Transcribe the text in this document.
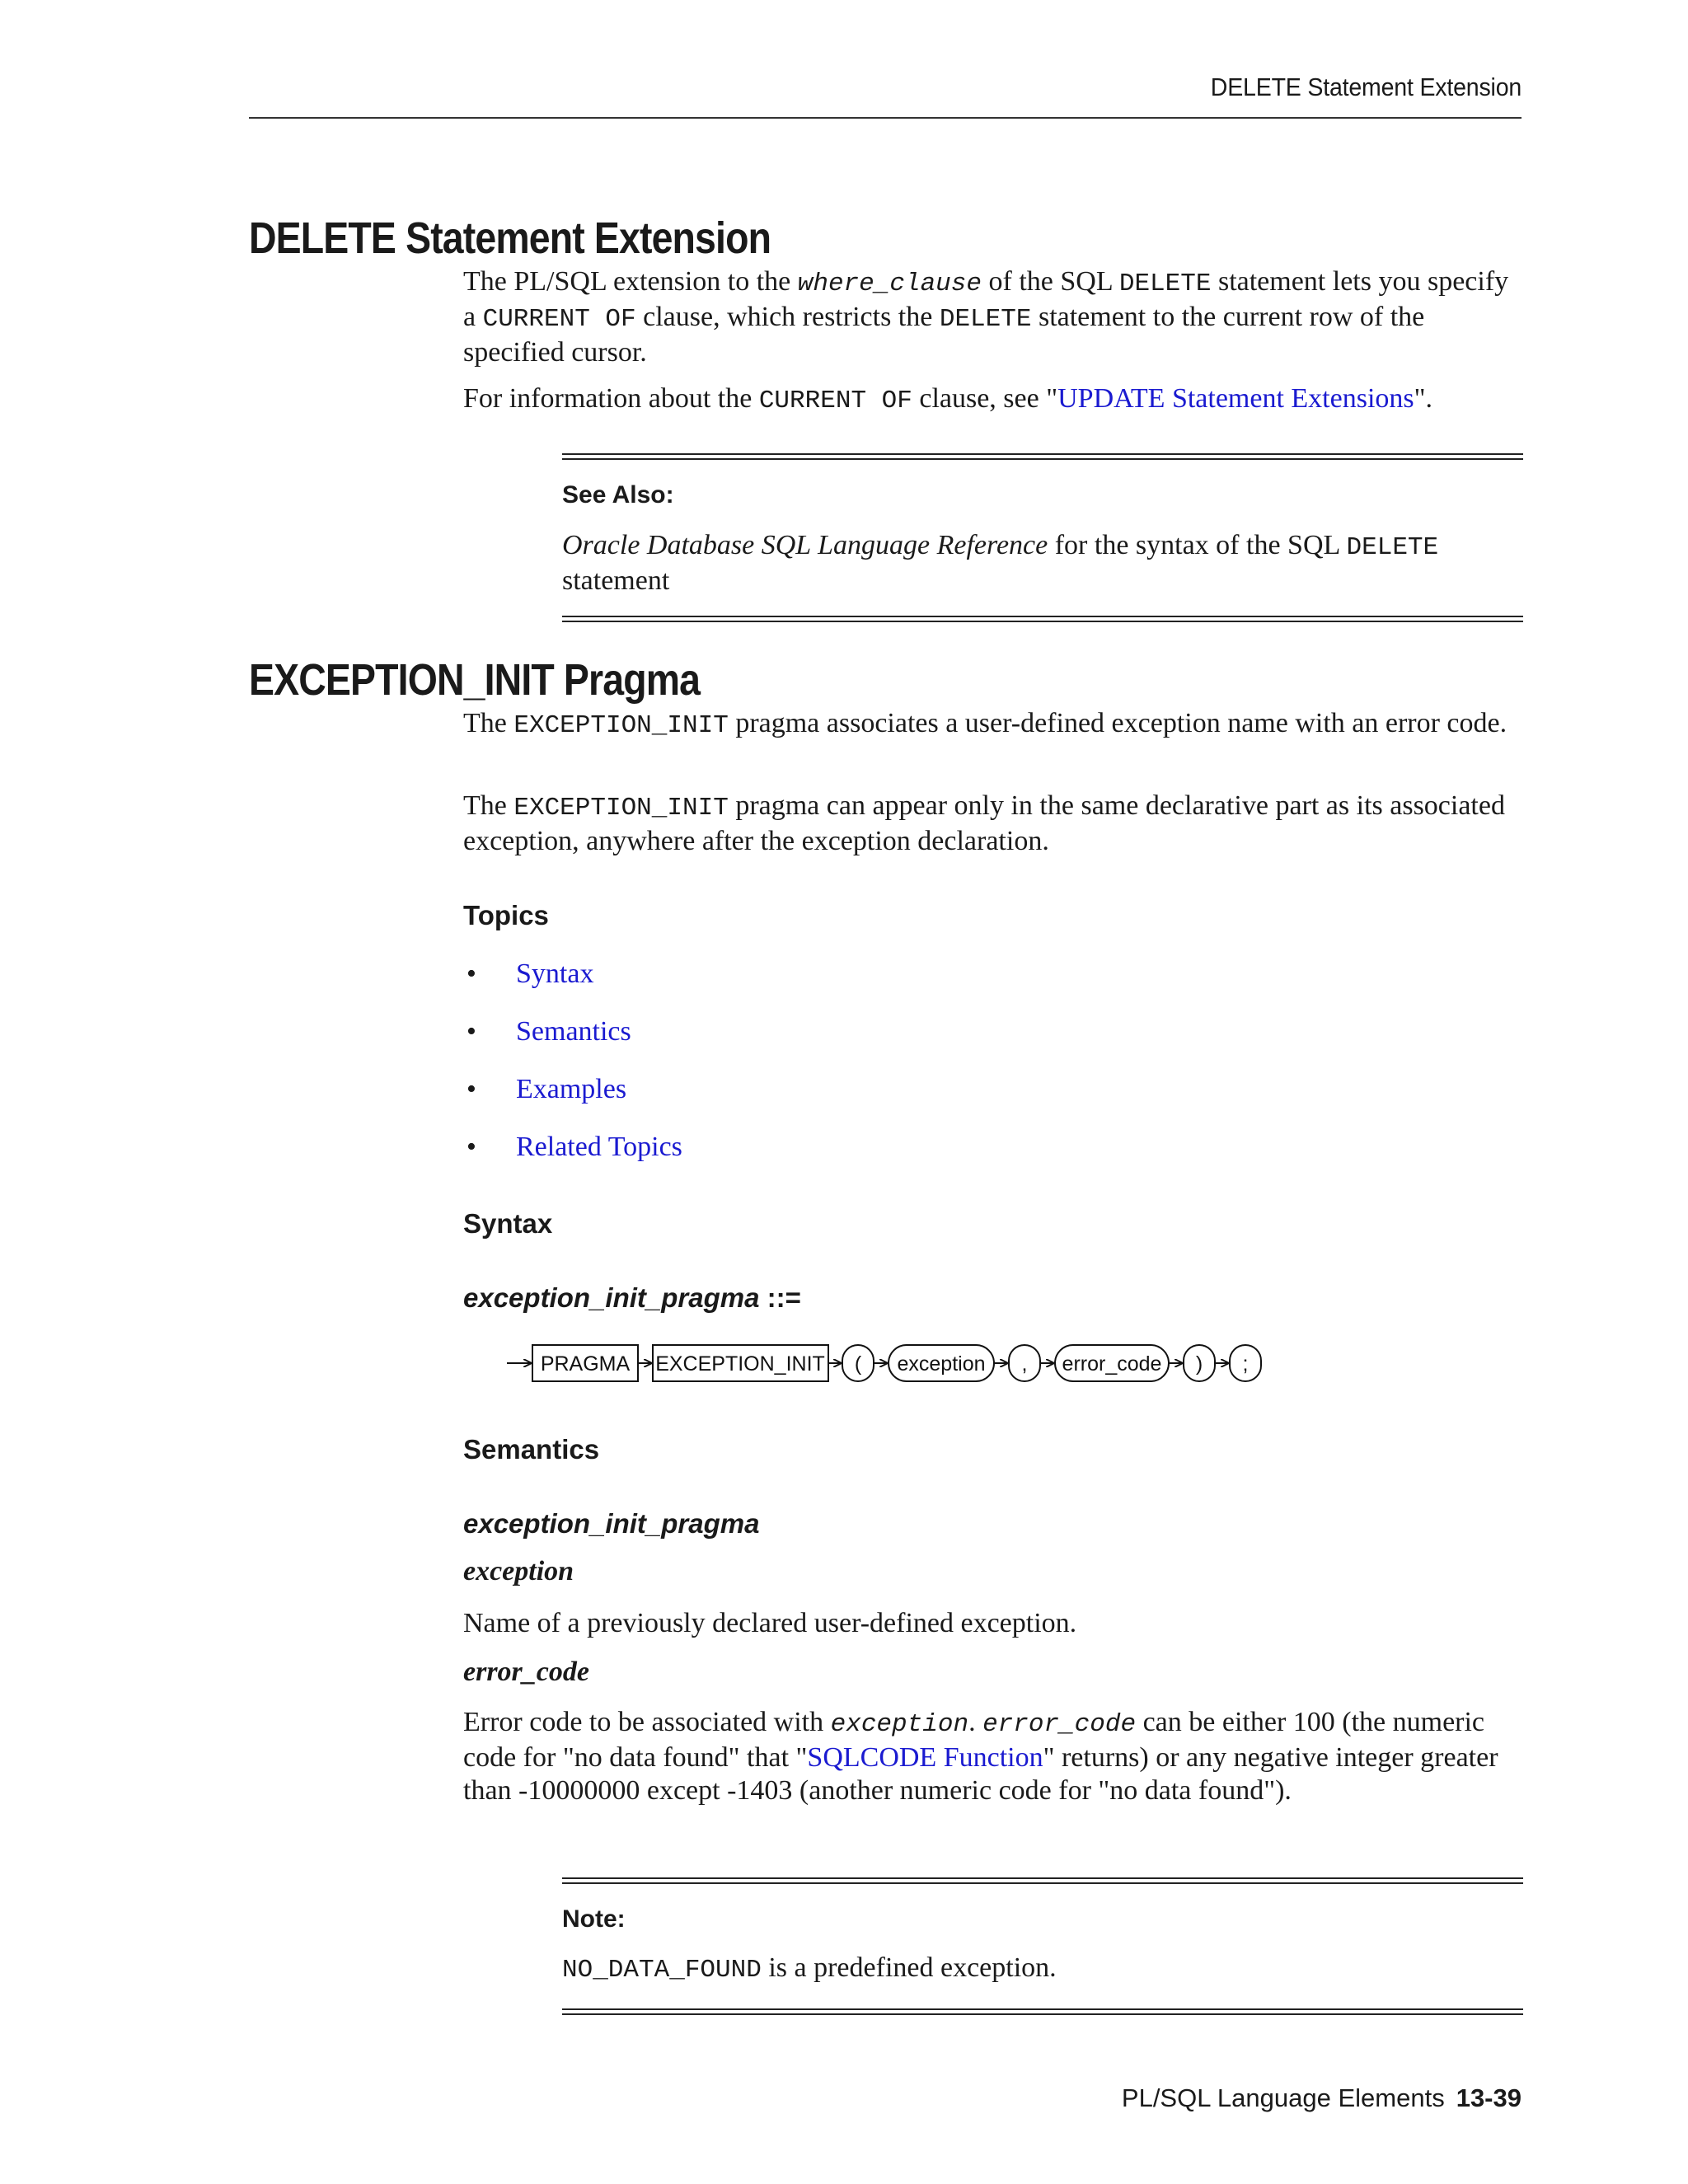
DELETE Statement Extension
DELETE Statement Extension

The PL/SQL extension to the where_clause of the SQL DELETE statement lets you specify a CURRENT OF clause, which restricts the DELETE statement to the current row of the specified cursor.

For information about the CURRENT OF clause, see "UPDATE Statement Extensions".

See Also:

Oracle Database SQL Language Reference for the syntax of the SQL DELETE statement

EXCEPTION_INIT Pragma

The EXCEPTION_INIT pragma associates a user-defined exception name with an error code.

The EXCEPTION_INIT pragma can appear only in the same declarative part as its associated exception, anywhere after the exception declaration.

Topics

• Syntax
• Semantics
• Examples
• Related Topics

Syntax

exception_init_pragma ::=

PRAGMA EXCEPTION_INIT ( exception , error_code ) ;

Semantics

exception_init_pragma

exception

Name of a previously declared user-defined exception.

error_code

Error code to be associated with exception. error_code can be either 100 (the numeric code for "no data found" that "SQLCODE Function" returns) or any negative integer greater than -10000000 except -1403 (another numeric code for "no data found").

Note:

NO_DATA_FOUND is a predefined exception.

PL/SQL Language Elements 13-39
